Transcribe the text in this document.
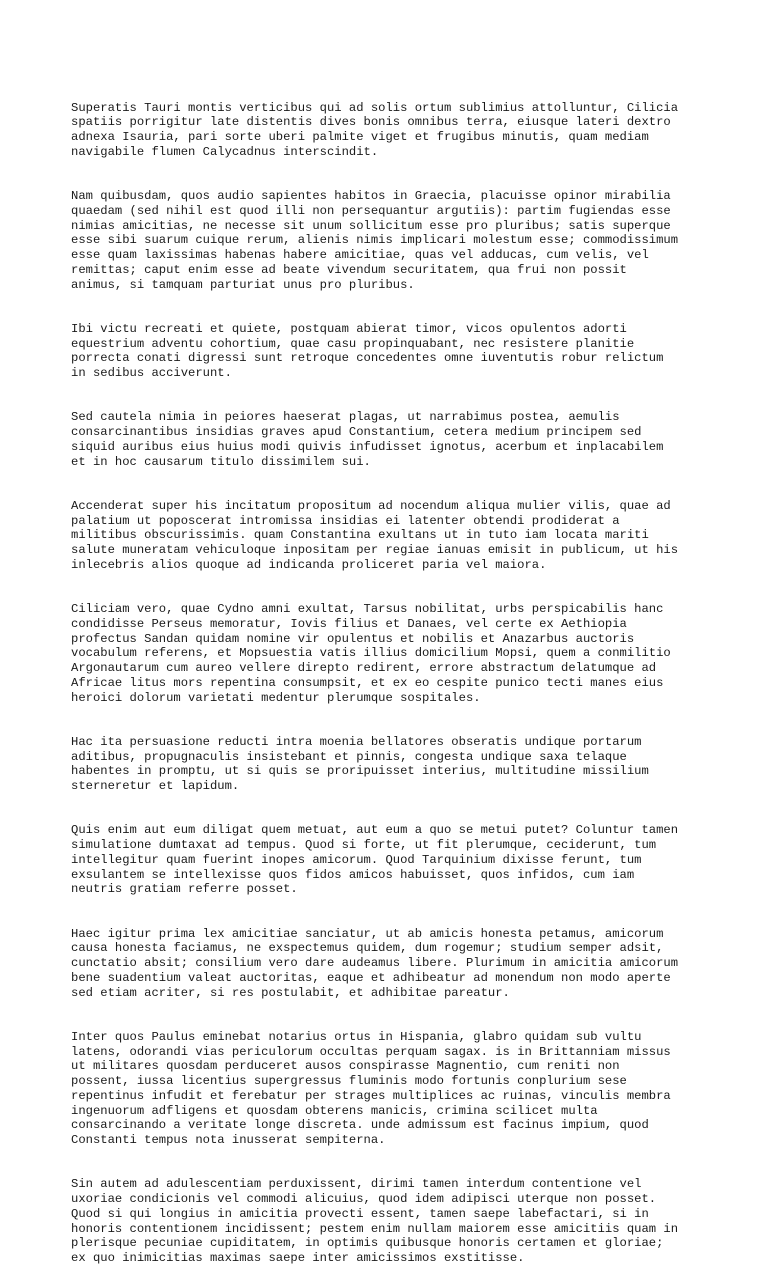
Superatis Tauri montis verticibus qui ad solis ortum sublimius attolluntur, Cilicia
spatiis porrigitur late distentis dives bonis omnibus terra, eiusque lateri dextro
adnexa Isauria, pari sorte uberi palmite viget et frugibus minutis, quam mediam
navigabile flumen Calycadnus interscindit.

Nam quibusdam, quos audio sapientes habitos in Graecia, placuisse opinor mirabilia
quaedam (sed nihil est quod illi non persequantur argutiis): partim fugiendas esse
nimias amicitias, ne necesse sit unum sollicitum esse pro pluribus; satis superque
esse sibi suarum cuique rerum, alienis nimis implicari molestum esse; commodissimum
esse quam laxissimas habenas habere amicitiae, quas vel adducas, cum velis, vel
remittas; caput enim esse ad beate vivendum securitatem, qua frui non possit
animus, si tamquam parturiat unus pro pluribus.

Ibi victu recreati et quiete, postquam abierat timor, vicos opulentos adorti
equestrium adventu cohortium, quae casu propinquabant, nec resistere planitie
porrecta conati digressi sunt retroque concedentes omne iuventutis robur relictum
in sedibus acciverunt.

Sed cautela nimia in peiores haeserat plagas, ut narrabimus postea, aemulis
consarcinantibus insidias graves apud Constantium, cetera medium principem sed
siquid auribus eius huius modi quivis infudisset ignotus, acerbum et inplacabilem
et in hoc causarum titulo dissimilem sui.

Accenderat super his incitatum propositum ad nocendum aliqua mulier vilis, quae ad
palatium ut poposcerat intromissa insidias ei latenter obtendi prodiderat a
militibus obscurissimis. quam Constantina exultans ut in tuto iam locata mariti
salute muneratam vehiculoque inpositam per regiae ianuas emisit in publicum, ut his
inlecebris alios quoque ad indicanda proliceret paria vel maiora.

Ciliciam vero, quae Cydno amni exultat, Tarsus nobilitat, urbs perspicabilis hanc
condidisse Perseus memoratur, Iovis filius et Danaes, vel certe ex Aethiopia
profectus Sandan quidam nomine vir opulentus et nobilis et Anazarbus auctoris
vocabulum referens, et Mopsuestia vatis illius domicilium Mopsi, quem a conmilitio
Argonautarum cum aureo vellere direpto redirent, errore abstractum delatumque ad
Africae litus mors repentina consumpsit, et ex eo cespite punico tecti manes eius
heroici dolorum varietati medentur plerumque sospitales.

Hac ita persuasione reducti intra moenia bellatores obseratis undique portarum
aditibus, propugnaculis insistebant et pinnis, congesta undique saxa telaque
habentes in promptu, ut si quis se proripuisset interius, multitudine missilium
sterneretur et lapidum.

Quis enim aut eum diligat quem metuat, aut eum a quo se metui putet? Coluntur tamen
simulatione dumtaxat ad tempus. Quod si forte, ut fit plerumque, ceciderunt, tum
intellegitur quam fuerint inopes amicorum. Quod Tarquinium dixisse ferunt, tum
exsulantem se intellexisse quos fidos amicos habuisset, quos infidos, cum iam
neutris gratiam referre posset.

Haec igitur prima lex amicitiae sanciatur, ut ab amicis honesta petamus, amicorum
causa honesta faciamus, ne exspectemus quidem, dum rogemur; studium semper adsit,
cunctatio absit; consilium vero dare audeamus libere. Plurimum in amicitia amicorum
bene suadentium valeat auctoritas, eaque et adhibeatur ad monendum non modo aperte
sed etiam acriter, si res postulabit, et adhibitae pareatur.

Inter quos Paulus eminebat notarius ortus in Hispania, glabro quidam sub vultu
latens, odorandi vias periculorum occultas perquam sagax. is in Brittanniam missus
ut militares quosdam perduceret ausos conspirasse Magnentio, cum reniti non
possent, iussa licentius supergressus fluminis modo fortunis conplurium sese
repentinus infudit et ferebatur per strages multiplices ac ruinas, vinculis membra
ingenuorum adfligens et quosdam obterens manicis, crimina scilicet multa
consarcinando a veritate longe discreta. unde admissum est facinus impium, quod
Constanti tempus nota inusserat sempiterna.

Sin autem ad adulescentiam perduxissent, dirimi tamen interdum contentione vel
uxoriae condicionis vel commodi alicuius, quod idem adipisci uterque non posset.
Quod si qui longius in amicitia provecti essent, tamen saepe labefactari, si in
honoris contentionem incidissent; pestem enim nullam maiorem esse amicitiis quam in
plerisque pecuniae cupiditatem, in optimis quibusque honoris certamen et gloriae;
ex quo inimicitias maximas saepe inter amicissimos exstitisse.
